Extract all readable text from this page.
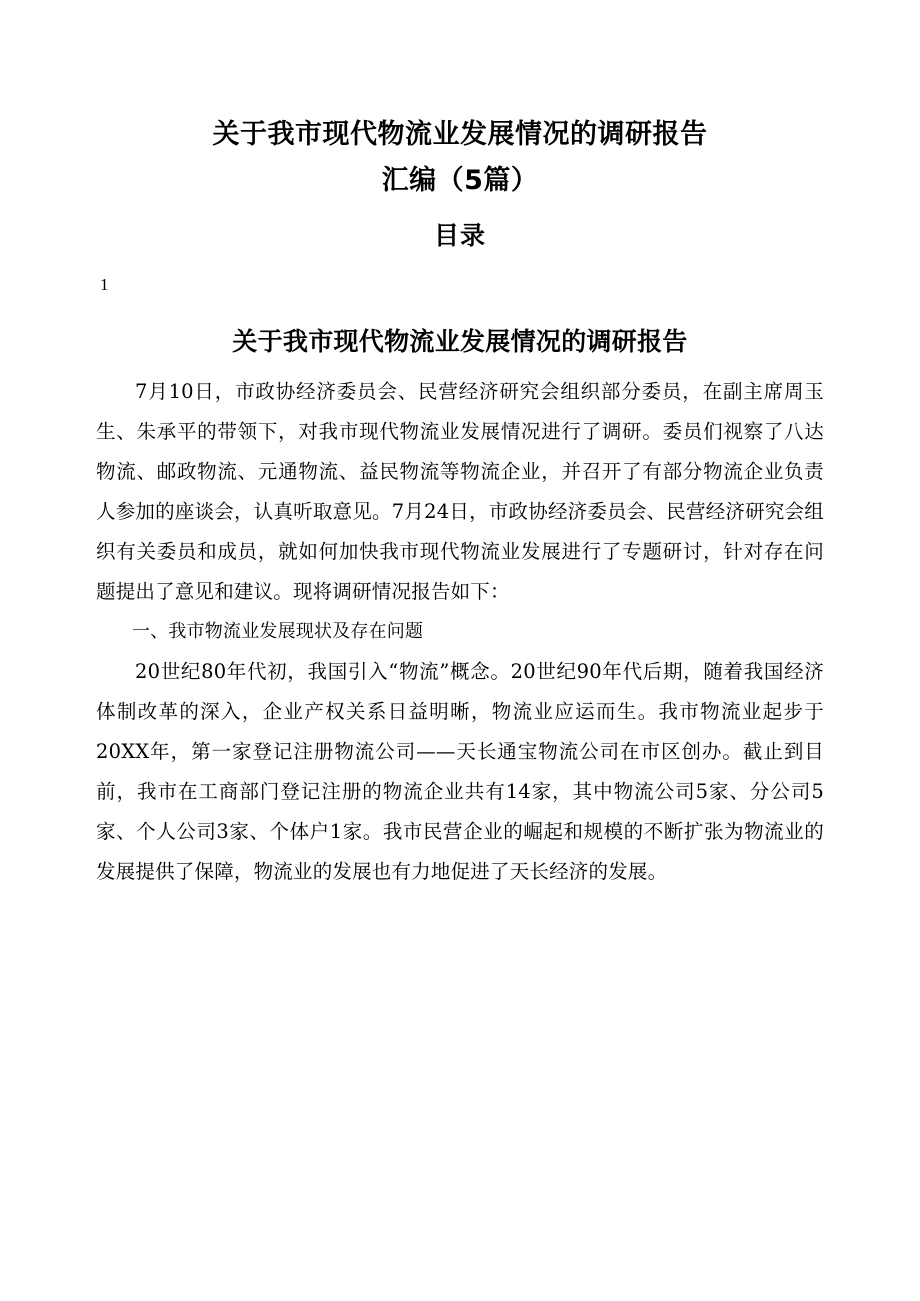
关于我市现代物流业发展情况的调研报告
汇编（5篇）
目录
1
关于我市现代物流业发展情况的调研报告

7月10日，市政协经济委员会、民营经济研究会组织部分委员，在副主席周玉生、朱承平的带领下，对我市现代物流业发展情况进行了调研。委员们视察了八达物流、邮政物流、元通物流、益民物流等物流企业，并召开了有部分物流企业负责人参加的座谈会，认真听取意见。7月24日，市政协经济委员会、民营经济研究会组织有关委员和成员，就如何加快我市现代物流业发展进行了专题研讨，针对存在问题提出了意见和建议。现将调研情况报告如下：

一、我市物流业发展现状及存在问题

20世纪80年代初，我国引入“物流”概念。20世纪90年代后期，随着我国经济体制改革的深入，企业产权关系日益明晰，物流业应运而生。我市物流业起步于20XX年，第一家登记注册物流公司——天长通宝物流公司在市区创办。截止到目前，我市在工商部门登记注册的物流企业共有14家，其中物流公司5家、分公司5家、个人公司3家、个体户1家。我市民营企业的崛起和规模的不断扩张为物流业的发展提供了保障，物流业的发展也有力地促进了天长经济的发展。
